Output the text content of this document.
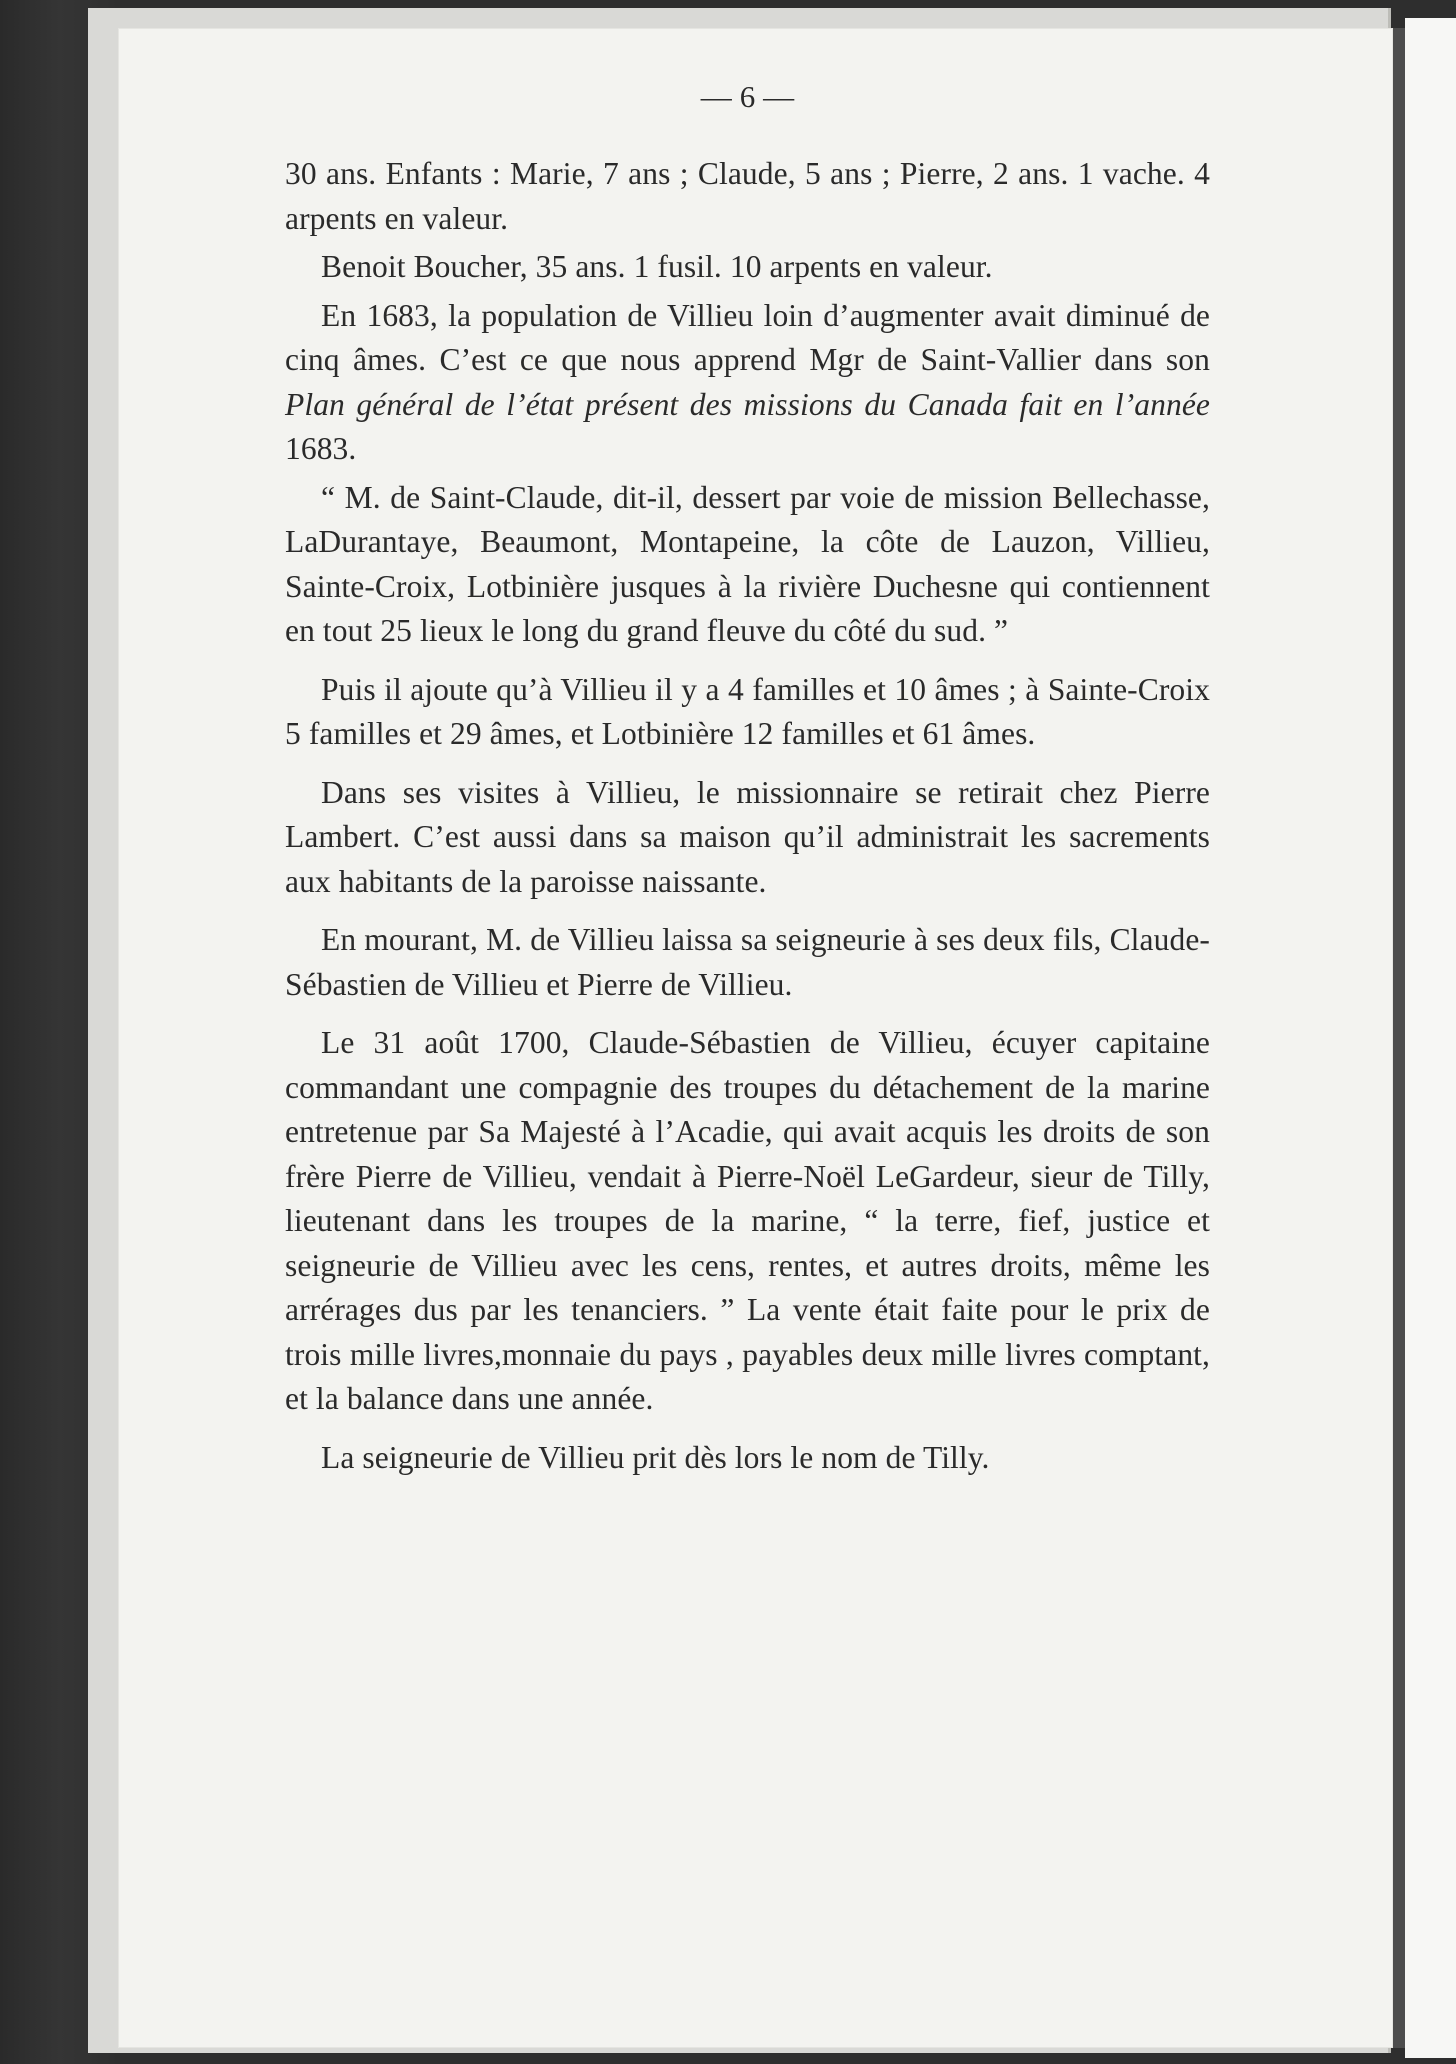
— 6 —

30 ans. Enfants : Marie, 7 ans ; Claude, 5 ans ; Pierre, 2 ans. 1 vache. 4 arpents en valeur.

Benoit Boucher, 35 ans. 1 fusil. 10 arpents en valeur.

En 1683, la population de Villieu loin d’augmenter avait diminué de cinq âmes. C’est ce que nous apprend Mgr de Saint-Vallier dans son Plan général de l’état présent des missions du Canada fait en l’année 1683.

“ M. de Saint-Claude, dit-il, dessert par voie de mission Bellechasse, LaDurantaye, Beaumont, Montapeine, la côte de Lauzon, Villieu, Sainte-Croix, Lotbinière jusques à la rivière Duchesne qui contiennent en tout 25 lieux le long du grand fleuve du côté du sud. ”

Puis il ajoute qu’à Villieu il y a 4 familles et 10 âmes ; à Sainte-Croix 5 familles et 29 âmes, et Lotbinière 12 familles et 61 âmes.

Dans ses visites à Villieu, le missionnaire se retirait chez Pierre Lambert. C’est aussi dans sa maison qu’il administrait les sacrements aux habitants de la paroisse naissante.

En mourant, M. de Villieu laissa sa seigneurie à ses deux fils, Claude-Sébastien de Villieu et Pierre de Villieu.

Le 31 août 1700, Claude-Sébastien de Villieu, écuyer capitaine commandant une compagnie des troupes du détachement de la marine entretenue par Sa Majesté à l’Acadie, qui avait acquis les droits de son frère Pierre de Villieu, vendait à Pierre-Noël LeGardeur, sieur de Tilly, lieutenant dans les troupes de la marine, “ la terre, fief, justice et seigneurie de Villieu avec les cens, rentes, et autres droits, même les arrérages dus par les tenanciers. ” La vente était faite pour le prix de trois mille livres,monnaie du pays , payables deux mille livres comptant, et la balance dans une année.

La seigneurie de Villieu prit dès lors le nom de Tilly.
